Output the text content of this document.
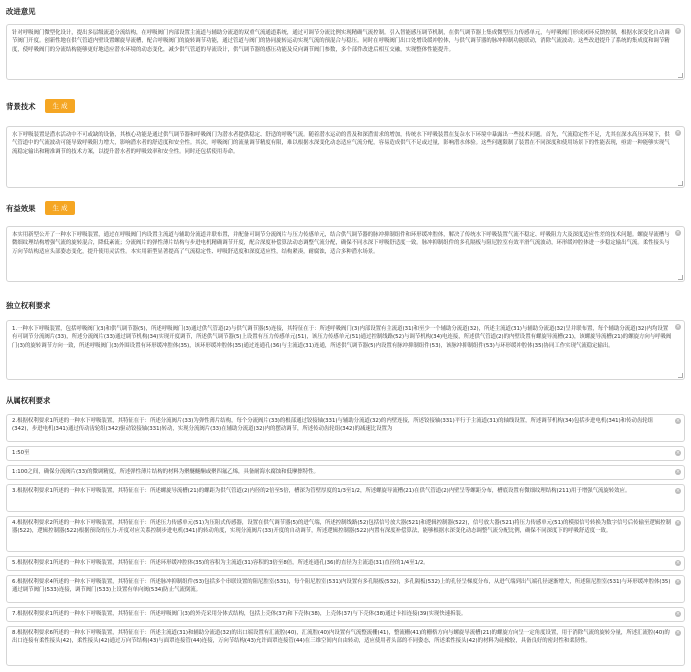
改进意见

针对呼吸阀门微型化设计，提出多层级流道分流结构，在呼吸阀门内部设置主流道与辅助分流道的双重气流通道系统，通过可调节分流比例实现精确气流控制。引入智能感压调节机制，在供气调节器上集成微型压力传感单元，与呼吸阀门形成闭环反馈控制，根据水深变化自动调节阀门开度。创新性地在供气管道内壁设置螺旋导流槽，配合呼吸阀门的旋转调节功能，通过管道与阀门的协同旋转运动实现气流的预混合与稳压。同时在呼吸阀门出口处增设缓冲腔体，与供气调节器的脉冲抑制功能联动，消除气流波动。这些改进提升了系统的集成度和调节精度，使呼吸阀门的分流结构能够更好地适应潜水环境的动态变化，减少供气管道的导流设计，供气调节器的感压功能及反向调节阀门参数，多个部件改进后相互交融，实现整体性能提升。

×
背景技术	生 成

水下呼吸装置是潜水活动中不可或缺的设备，其核心功能是通过供气调节器和呼吸阀门为潜水者提供稳定、舒适的呼吸气流。随着潜水运动的普及和深潜需求的增加，传统水下呼吸装置在复杂水下环境中暴露出一些技术问题。首先，气流稳定性不足，尤其在深水高压环境下，供气管道中的气流波动可能导致呼吸阻力增大，影响潜水者的舒适度和安全性。其次，呼吸阀门的流量调节精度有限，难以根据水深变化动态适应气流分配，容易造成供气不足或过量，影响潜水体验。这些问题限制了装置在不同深度和使用场景下的性能表现，亟需一种能够实现气流稳定输出和精准调节的技术方案，以提升潜水者的呼吸效率和安全性。同时还包括使用寿命。

×
有益效果	生 成

本实用新型公开了一种水下呼吸装置，通过在呼吸阀门内设置主流道与辅助分流道并联布置，并配备可调节分流阀片与压力传感单元，结合供气调节器的脉冲抑制组件和环形缓冲腔体，解决了传统水下呼吸装置气流不稳定、呼吸阻力大及深度适应性差的技术问题。螺旋导流槽与微细纹理结构增强气流的旋转混合，降低紊流；分流阀片的弹性薄片结构与步进电机精确调节开度，配合深度补偿算法动态调整气流分配，确保不同水深下呼吸舒适度一致。脉冲抑制组件的多孔隔板与阻尼腔室有效平滑气流波动，环形缓冲腔体进一步稳定输出气流。柔性接头与万向节结构适应头部姿态变化，提升使用灵活性。本实用新型显著提高了气流稳定性、呼吸舒适度和深度适应性，结构紧凑，耐腐蚀，适合多种潜水场景。

×
独立权利要求

1.一种水下呼吸装置，包括呼吸阀门(3)和供气调节器(5)，所述呼吸阀门(3)通过供气管道(2)与供气调节器(5)连接，其特征在于：所述呼吸阀门(3)内部设置有主流道(31)和至少一个辅助分流道(32)，所述主流道(31)与辅助分流道(32)呈并联布置，每个辅助分流道(32)内均设置有可调节分流阀片(33)，所述分流阀片(33)通过调节机构(34)实现开度调节，所述供气调节器(5)上设置有压力传感单元(51)，该压力传感单元(51)通过控制线路(52)与调节机构(34)电连接，所述供气管道(2)的内壁设置有螺旋导流槽(21)，该螺旋导流槽(21)的螺旋方向与呼吸阀门(3)的旋转调节方向一致，所述呼吸阀门(3)外围设置有环形缓冲腔体(35)，该环形缓冲腔体(35)通过连通孔(36)与主流道(31)连通，所述供气调节器(5)内设置有脉冲抑制组件(53)，该脉冲抑制组件(53)与环形缓冲腔体(35)协同工作实现气流稳定输出。

×
从属权利要求

2.根据权利要求1所述的一种水下呼吸装置，其特征在于：所述分流阀片(33)为弹性薄片结构，每个分流阀片(33)的根部通过铰接轴(331)与辅助分流道(32)的内壁连接，所述铰接轴(331)平行于主流道(31)的轴线设置，所述调节机构(34)包括步进电机(341)和传动齿轮组(342)，步进电机(341)通过传动齿轮组(342)驱动铰接轴(331)转动，实现分流阀片(33)在辅助分流道(32)内的摆动调节，所述传动齿轮组(342)的减速比设置为

×

1:50至	×

1:100之间，确保分流阀片(33)的微调精度，所述弹性薄片结构的材料为聚醚醚酮或聚四氟乙烯，具备耐海水腐蚀和低摩擦特性。	×

3.根据权利要求1所述的一种水下呼吸装置，其特征在于：所述螺旋导流槽(21)的螺距为供气管道(2)内径的2倍至5倍，槽深为管壁厚度的1/3至1/2，所述螺旋导流槽(21)在供气管道(2)内壁呈等螺距分布，槽底设置有微细纹理结构(211)用于增强气流旋转效应。	×

4.根据权利要求2所述的一种水下呼吸装置，其特征在于：所述压力传感单元(51)为压阻式传感器，设置在供气调节器(5)的进气端，所述控制线路(52)包括信号放大器(521)和逻辑控制器(522)，信号放大器(521)将压力传感单元(51)的模拟信号转换为数字信号后传输至逻辑控制器(522)，逻辑控制器(522)根据预设的压力-开度对应关系控制步进电机(341)的转动角度，实现分流阀片(33)开度的自动调节，所述逻辑控制器(522)内置有深度补偿算法，能够根据水深变化动态调整气流分配比例，确保不同深度下的呼吸舒适度一致。

×

5.根据权利要求1所述的一种水下呼吸装置，其特征在于：所述环形缓冲腔体(35)的容积为主流道(31)容积的3倍至8倍，所述连通孔(36)的直径为主流道(31)直径的1/4至1/2。	×

6.根据权利要求4所述的一种水下呼吸装置，其特征在于：所述脉冲抑制组件(53)包括多个串联设置的阻尼腔室(531)，每个阻尼腔室(531)内设置有多孔隔板(532)，多孔隔板(532)上的孔径呈梯度分布，从进气端到出气端孔径逐渐增大，所述阻尼腔室(531)与环形缓冲腔体(35)通过调节阀门(533)连接，调节阀门(533)上设置有单向阀(534)防止气流倒流。

×

7.根据权利要求1所述的一种水下呼吸装置，其特征在于：所述呼吸阀门(3)的外壳采用分体式结构，包括上壳体(37)和下壳体(38)，上壳体(37)与下壳体(38)通过卡扣连接(39)实现快速拆装。	×

8.根据权利要求6所述的一种水下呼吸装置，其特征在于：所述主流道(31)和辅助分流道(32)的出口端设置有汇流腔(40)，汇流腔(40)内设置有气流整流栅(41)，整流栅(41)的栅格方向与螺旋导流槽(21)的螺旋方向呈一定角度设置，用于消除气流的旋转分量，所述汇流腔(40)的出口连接有柔性接头(42)，柔性接头(42)通过万向节结构(43)与面罩连接管(44)连接，万向节结构(43)允许面罩连接管(44)在三维空间内自由转动，适应使用者头部的不同姿态，所述柔性接头(42)的材料为硅橡胶，具备良好的密封性和柔韧性。

×
